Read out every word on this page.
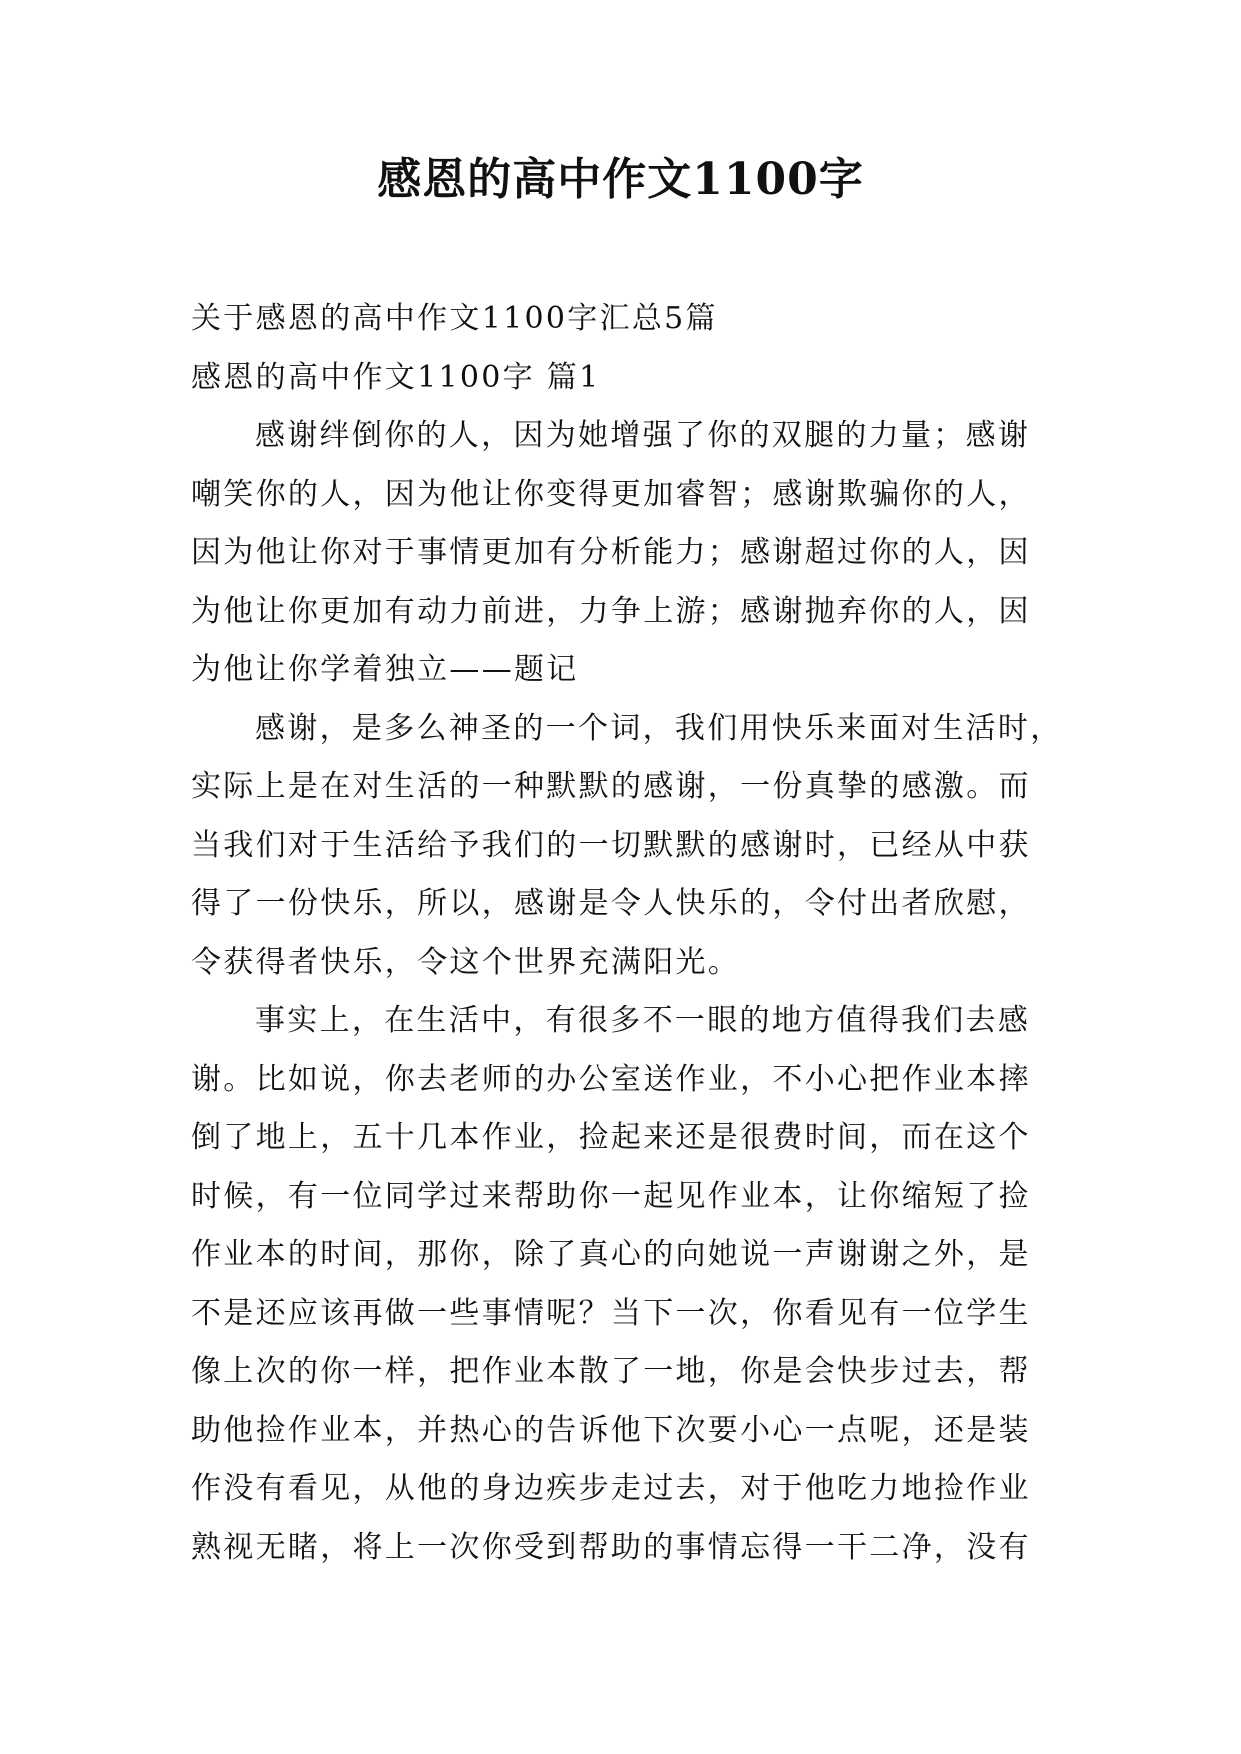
感恩的高中作文1100字

关于感恩的高中作文1100字汇总5篇

感恩的高中作文1100字 篇1

感谢绊倒你的人，因为她增强了你的双腿的力量；感谢

嘲笑你的人，因为他让你变得更加睿智；感谢欺骗你的人，

因为他让你对于事情更加有分析能力；感谢超过你的人，因

为他让你更加有动力前进，力争上游；感谢抛弃你的人，因

为他让你学着独立——题记

感谢，是多么神圣的一个词，我们用快乐来面对生活时，

实际上是在对生活的一种默默的感谢，一份真挚的感激。而

当我们对于生活给予我们的一切默默的感谢时，已经从中获

得了一份快乐，所以，感谢是令人快乐的，令付出者欣慰，

令获得者快乐，令这个世界充满阳光。

事实上，在生活中，有很多不一眼的地方值得我们去感

谢。比如说，你去老师的办公室送作业，不小心把作业本摔

倒了地上，五十几本作业，捡起来还是很费时间，而在这个

时候，有一位同学过来帮助你一起见作业本，让你缩短了捡

作业本的时间，那你，除了真心的向她说一声谢谢之外，是

不是还应该再做一些事情呢？当下一次，你看见有一位学生

像上次的你一样，把作业本散了一地，你是会快步过去，帮

助他捡作业本，并热心的告诉他下次要小心一点呢，还是装

作没有看见，从他的身边疾步走过去，对于他吃力地捡作业

熟视无睹，将上一次你受到帮助的事情忘得一干二净，没有
